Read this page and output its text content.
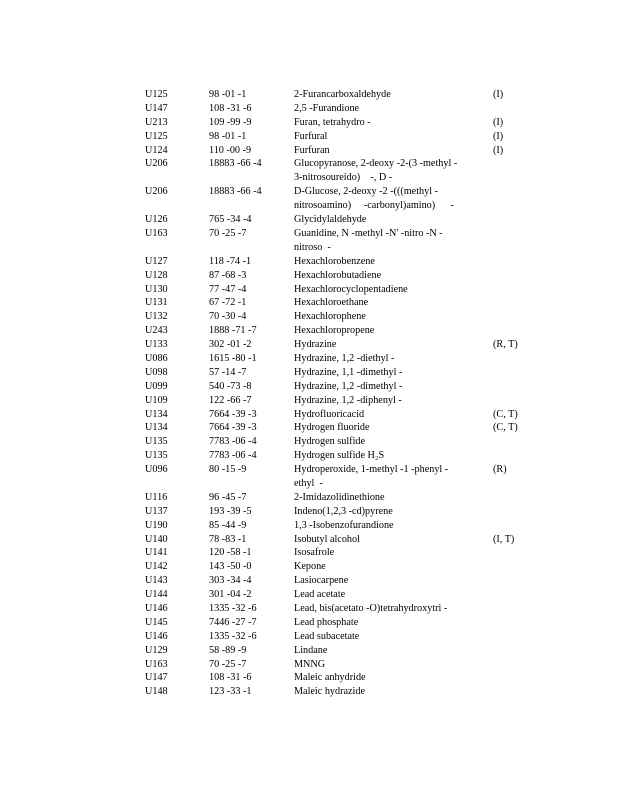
U125	98 -01 -1	2-Furancarboxaldehyde	(I)
U147	108 -31 -6	2,5 -Furandione
U213	109 -99 -9	Furan, tetrahydro -	(I)
U125	98 -01 -1	Furfural	(I)
U124	110 -00 -9	Furfuran	(I)
U206	18883 -66 -4	Glucopyranose, 2-deoxy -2-(3 -methyl -
3-nitrosoureido)    -, D -
U206	18883 -66 -4	D-Glucose, 2-deoxy -2 -(((methyl -
nitrosoamino)     -carbonyl)amino)      -
U126	765 -34 -4	Glycidylaldehyde
U163	70 -25 -7	Guanidine, N -methyl -N' -nitro -N -
nitroso  -
U127	118 -74 -1	Hexachlorobenzene
U128	87 -68 -3	Hexachlorobutadiene
U130	77 -47 -4	Hexachlorocyclopentadiene
U131	67 -72 -1	Hexachloroethane
U132	70 -30 -4	Hexachlorophene
U243	1888 -71 -7	Hexachloropropene
U133	302 -01 -2	Hydrazine	(R, T)
U086	1615 -80 -1	Hydrazine, 1,2 -diethyl -
U098	57 -14 -7	Hydrazine, 1,1 -dimethyl -
U099	540 -73 -8	Hydrazine, 1,2 -dimethyl -
U109	122 -66 -7	Hydrazine, 1,2 -diphenyl -
U134	7664 -39 -3	Hydrofluoricacid	(C, T)
U134	7664 -39 -3	Hydrogen fluoride	(C, T)
U135	7783 -06 -4	Hydrogen sulfide
U135	7783 -06 -4	Hydrogen sulfide H₂S
U096	80 -15 -9	Hydroperoxide, 1-methyl -1 -phenyl -	(R)
ethyl  -
U116	96 -45 -7	2-Imidazolidinethione
U137	193 -39 -5	Indeno(1,2,3 -cd)pyrene
U190	85 -44 -9	1,3 -Isobenzofurandione
U140	78 -83 -1	Isobutyl alcohol	(I, T)
U141	120 -58 -1	Isosafrole
U142	143 -50 -0	Kepone
U143	303 -34 -4	Lasiocarpene
U144	301 -04 -2	Lead acetate
U146	1335 -32 -6	Lead, bis(acetato -O)tetrahydroxytri -
U145	7446 -27 -7	Lead phosphate
U146	1335 -32 -6	Lead subacetate
U129	58 -89 -9	Lindane
U163	70 -25 -7	MNNG
U147	108 -31 -6	Maleic anhydride
U148	123 -33 -1	Maleic hydrazide
